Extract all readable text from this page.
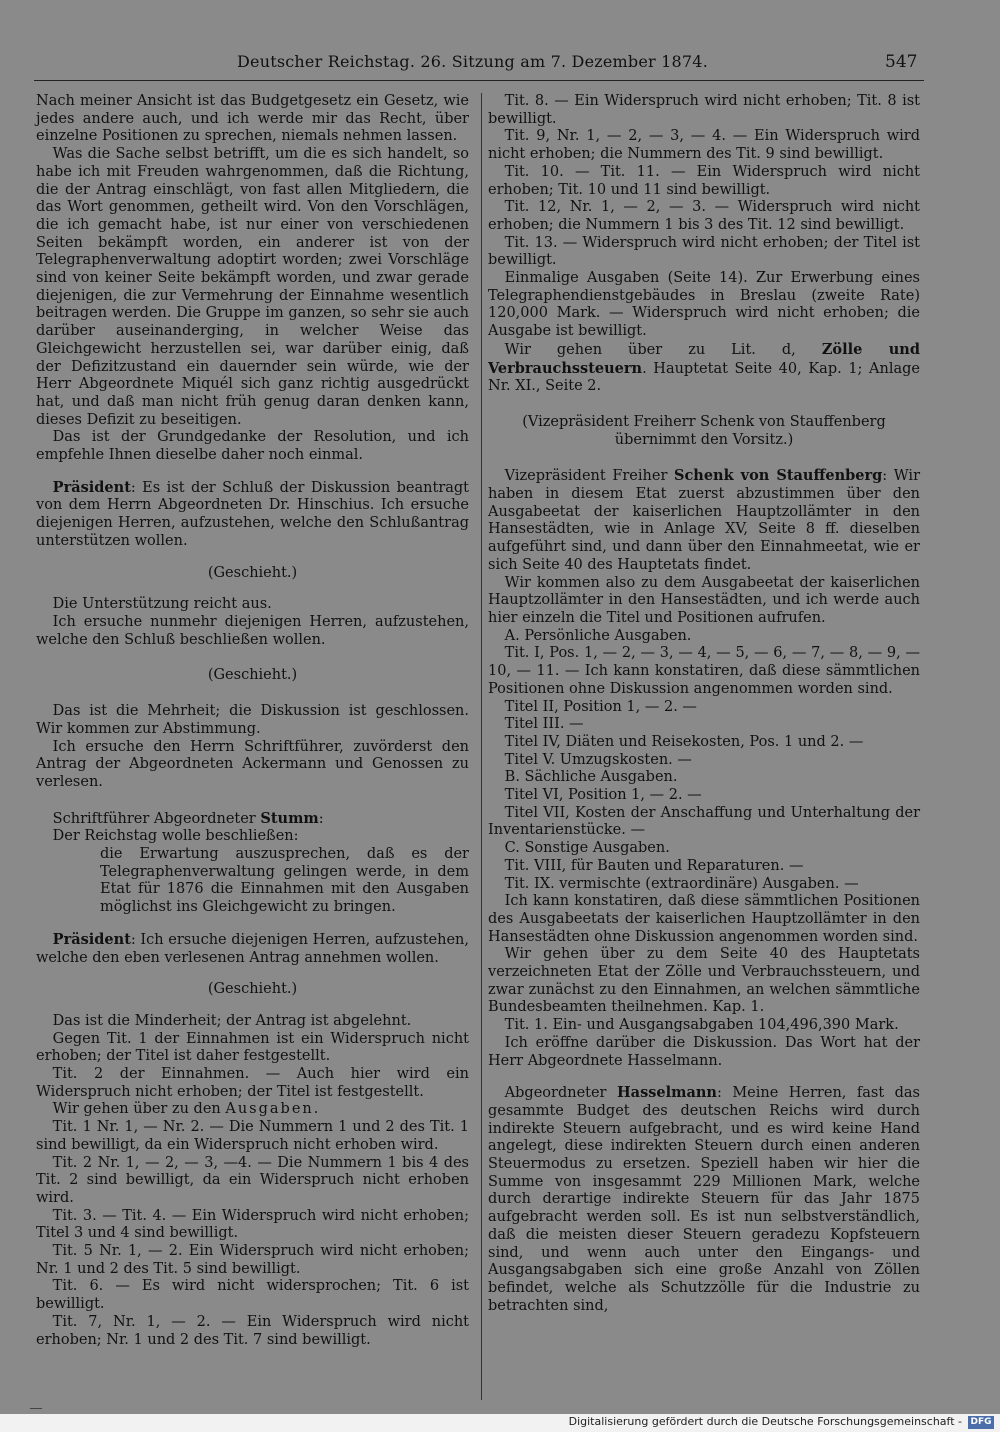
Deutscher Reichstag. 26. Sitzung am 7. Dezember 1874.	547

Nach meiner Ansicht ist das Budgetgesetz ein Gesetz, wie jedes andere auch, und ich werde mir das Recht, über einzelne Positionen zu sprechen, niemals nehmen lassen.

Was die Sache selbst betrifft, um die es sich handelt, so habe ich mit Freuden wahrgenommen, daß die Richtung, die der Antrag einschlägt, von fast allen Mitgliedern, die das Wort genommen, getheilt wird. Von den Vorschlägen, die ich gemacht habe, ist nur einer von verschiedenen Seiten bekämpft worden, ein anderer ist von der Telegraphenverwaltung adoptirt worden; zwei Vorschläge sind von keiner Seite bekämpft worden, und zwar gerade diejenigen, die zur Vermehrung der Einnahme wesentlich beitragen werden. Die Gruppe im ganzen, so sehr sie auch darüber auseinanderging, in welcher Weise das Gleichgewicht herzustellen sei, war darüber einig, daß der Defizitzustand ein dauernder sein würde, wie der Herr Abgeordnete Miquél sich ganz richtig ausgedrückt hat, und daß man nicht früh genug daran denken kann, dieses Defizit zu beseitigen.

Das ist der Grundgedanke der Resolution, und ich empfehle Ihnen dieselbe daher noch einmal.

Präsident: Es ist der Schluß der Diskussion beantragt von dem Herrn Abgeordneten Dr. Hinschius. Ich ersuche diejenigen Herren, aufzustehen, welche den Schlußantrag unterstützen wollen.

(Geschieht.)

Die Unterstützung reicht aus.

Ich ersuche nunmehr diejenigen Herren, aufzustehen, welche den Schluß beschließen wollen.

(Geschieht.)

Das ist die Mehrheit; die Diskussion ist geschlossen. Wir kommen zur Abstimmung.

Ich ersuche den Herrn Schriftführer, zuvörderst den Antrag der Abgeordneten Ackermann und Genossen zu verlesen.

Schriftführer Abgeordneter Stumm:

Der Reichstag wolle beschließen:

die Erwartung auszusprechen, daß es der Telegraphenverwaltung gelingen werde, in dem Etat für 1876 die Einnahmen mit den Ausgaben möglichst ins Gleichgewicht zu bringen.

Präsident: Ich ersuche diejenigen Herren, aufzustehen, welche den eben verlesenen Antrag annehmen wollen.

(Geschieht.)

Das ist die Minderheit; der Antrag ist abgelehnt.

Gegen Tit. 1 der Einnahmen ist ein Widerspruch nicht erhoben; der Titel ist daher festgestellt.

Tit. 2 der Einnahmen. — Auch hier wird ein Widerspruch nicht erhoben; der Titel ist festgestellt.

Wir gehen über zu den Ausgaben.

Tit. 1 Nr. 1, — Nr. 2. — Die Nummern 1 und 2 des Tit. 1 sind bewilligt, da ein Widerspruch nicht erhoben wird.

Tit. 2 Nr. 1, — 2, — 3, —4. — Die Nummern 1 bis 4 des Tit. 2 sind bewilligt, da ein Widerspruch nicht erhoben wird.

Tit. 3. — Tit. 4. — Ein Widerspruch wird nicht erhoben; Titel 3 und 4 sind bewilligt.

Tit. 5 Nr. 1, — 2. Ein Widerspruch wird nicht erhoben; Nr. 1 und 2 des Tit. 5 sind bewilligt.

Tit. 6. — Es wird nicht widersprochen; Tit. 6 ist bewilligt.

Tit. 7, Nr. 1, — 2. — Ein Widerspruch wird nicht erhoben; Nr. 1 und 2 des Tit. 7 sind bewilligt.

Tit. 8. — Ein Widerspruch wird nicht erhoben; Tit. 8 ist bewilligt.

Tit. 9, Nr. 1, — 2, — 3, — 4. — Ein Widerspruch wird nicht erhoben; die Nummern des Tit. 9 sind bewilligt.

Tit. 10. — Tit. 11. — Ein Widerspruch wird nicht erhoben; Tit. 10 und 11 sind bewilligt.

Tit. 12, Nr. 1, — 2, — 3. — Widerspruch wird nicht erhoben; die Nummern 1 bis 3 des Tit. 12 sind bewilligt.

Tit. 13. — Widerspruch wird nicht erhoben; der Titel ist bewilligt.

Einmalige Ausgaben (Seite 14). Zur Erwerbung eines Telegraphendienstgebäudes in Breslau (zweite Rate) 120,000 Mark. — Widerspruch wird nicht erhoben; die Ausgabe ist bewilligt.

Wir gehen über zu Lit. d, Zölle und Verbrauchssteuern. Hauptetat Seite 40, Kap. 1; Anlage Nr. XI., Seite 2.

(Vizepräsident Freiherr Schenk von Stauffenberg übernimmt den Vorsitz.)

Vizepräsident Freiher Schenk von Stauffenberg: Wir haben in diesem Etat zuerst abzustimmen über den Ausgabeetat der kaiserlichen Hauptzollämter in den Hansestädten, wie in Anlage XV, Seite 8 ff. dieselben aufgeführt sind, und dann über den Einnahmeetat, wie er sich Seite 40 des Hauptetats findet.

Wir kommen also zu dem Ausgabeetat der kaiserlichen Hauptzollämter in den Hansestädten, und ich werde auch hier einzeln die Titel und Positionen aufrufen.

A. Persönliche Ausgaben.

Tit. I, Pos. 1, — 2, — 3, — 4, — 5, — 6, — 7, — 8, — 9, — 10, — 11. — Ich kann konstatiren, daß diese sämmtlichen Positionen ohne Diskussion angenommen worden sind.

Titel II, Position 1, — 2. —

Titel III. —

Titel IV, Diäten und Reisekosten, Pos. 1 und 2. —

Titel V. Umzugskosten. —

B. Sächliche Ausgaben.

Titel VI, Position 1, — 2. —

Titel VII, Kosten der Anschaffung und Unterhaltung der Inventarienstücke. —

C. Sonstige Ausgaben.

Tit. VIII, für Bauten und Reparaturen. —

Tit. IX. vermischte (extraordinäre) Ausgaben. —

Ich kann konstatiren, daß diese sämmtlichen Positionen des Ausgabeetats der kaiserlichen Hauptzollämter in den Hansestädten ohne Diskussion angenommen worden sind.

Wir gehen über zu dem Seite 40 des Hauptetats verzeichneten Etat der Zölle und Verbrauchssteuern, und zwar zunächst zu den Einnahmen, an welchen sämmtliche Bundesbeamten theilnehmen. Kap. 1.

Tit. 1. Ein- und Ausgangsabgaben 104,496,390 Mark.

Ich eröffne darüber die Diskussion. Das Wort hat der Herr Abgeordnete Hasselmann.

Abgeordneter Hasselmann: Meine Herren, fast das gesammte Budget des deutschen Reichs wird durch indirekte Steuern aufgebracht, und es wird keine Hand angelegt, diese indirekten Steuern durch einen anderen Steuermodus zu ersetzen. Speziell haben wir hier die Summe von insgesammt 229 Millionen Mark, welche durch derartige indirekte Steuern für das Jahr 1875 aufgebracht werden soll. Es ist nun selbstverständlich, daß die meisten dieser Steuern geradezu Kopfsteuern sind, und wenn auch unter den Eingangs- und Ausgangsabgaben sich eine große Anzahl von Zöllen befindet, welche als Schutzzölle für die Industrie zu betrachten sind,

Digitalisierung gefördert durch die Deutsche Forschungsgemeinschaft - DFG
